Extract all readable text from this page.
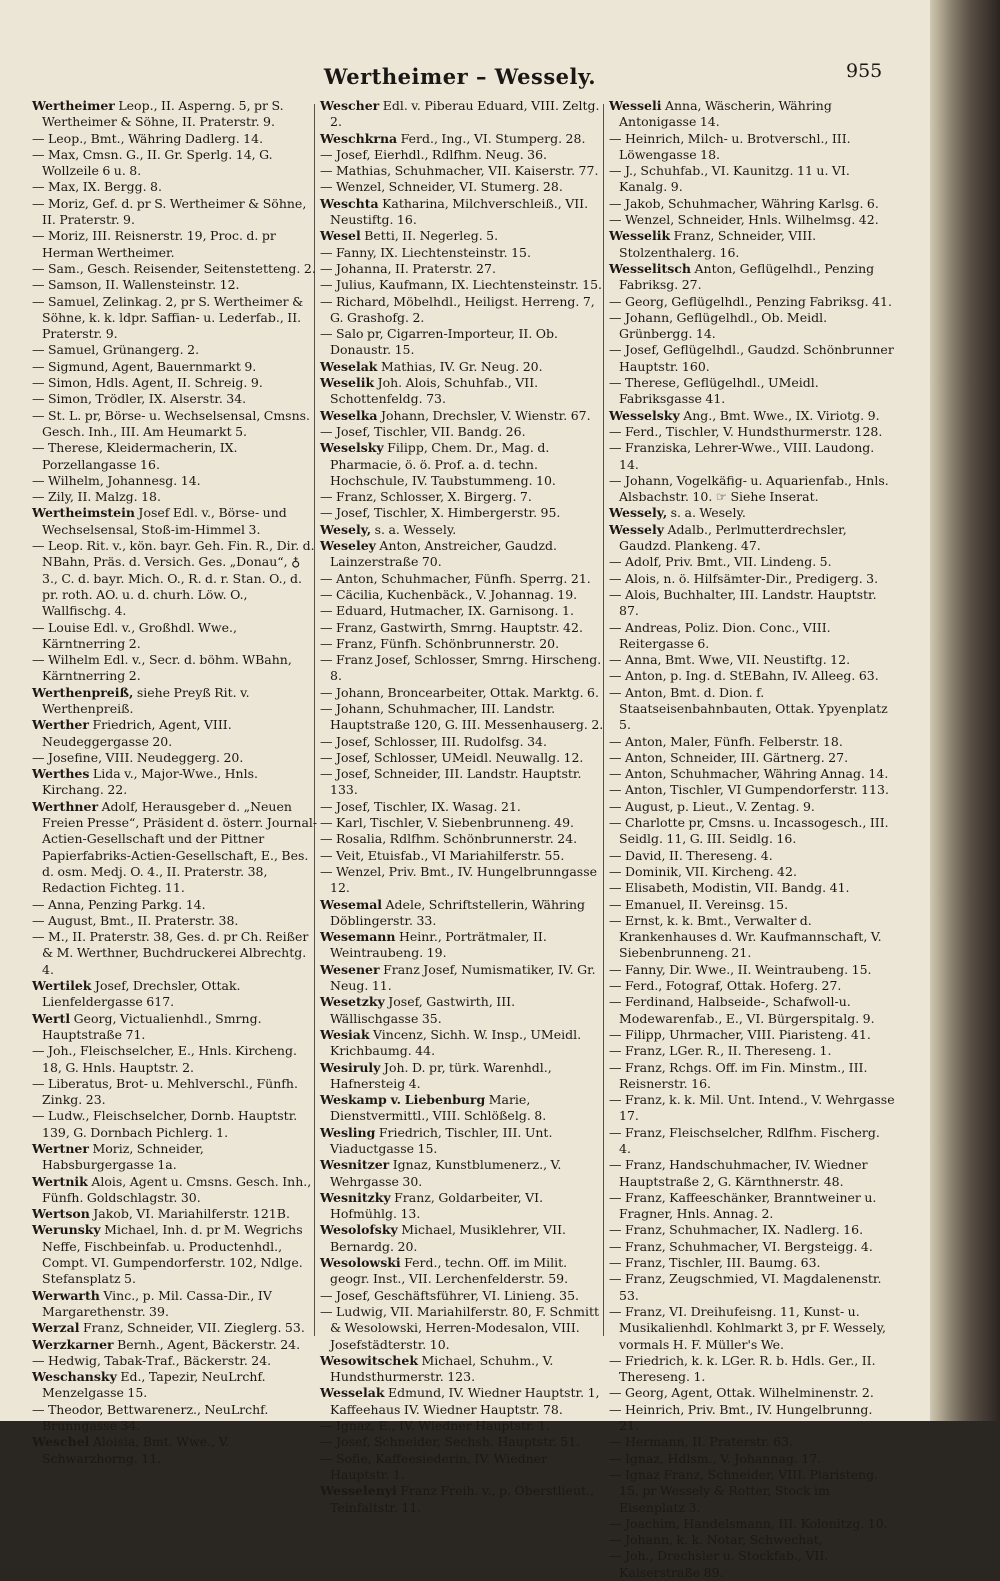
Wertheimer – Wessely.	955

Wertheimer Leop., II. Asperng. 5, pr S. Wertheimer & Söhne, II. Praterstr. 9.

— Leop., Bmt., Währing Dadlerg. 14.

— Max, Cmsn. G., II. Gr. Sperlg. 14, G. Wollzeile 6 u. 8.

— Max, IX. Bergg. 8.

— Moriz, Gef. d. pr S. Wertheimer & Söhne, II. Praterstr. 9.

— Moriz, III. Reisnerstr. 19, Proc. d. pr Herman Wertheimer.

— Sam., Gesch. Reisender, Seitenstetteng. 2.

— Samson, II. Wallensteinstr. 12.

— Samuel, Zelinkag. 2, pr S. Wertheimer & Söhne, k. k. ldpr. Saffian- u. Lederfab., II. Praterstr. 9.

— Samuel, Grünangerg. 2.

— Sigmund, Agent, Bauernmarkt 9.

— Simon, Hdls. Agent, II. Schreig. 9.

— Simon, Trödler, IX. Alserstr. 34.

— St. L. pr, Börse- u. Wechselsensal, Cmsns. Gesch. Inh., III. Am Heumarkt 5.

— Therese, Kleidermacherin, IX. Porzellangasse 16.

— Wilhelm, Johannesg. 14.

— Zily, II. Malzg. 18.

Wertheimstein Josef Edl. v., Börse- und Wechselsensal, Stoß-im-Himmel 3.

— Leop. Rit. v., kön. bayr. Geh. Fin. R., Dir. d. NBahn, Präs. d. Versich. Ges. „Donau“, ♁ 3., C. d. bayr. Mich. O., R. d. r. Stan. O., d. pr. roth. AO. u. d. churh. Löw. O., Wallfischg. 4.

— Louise Edl. v., Großhdl. Wwe., Kärntnerring 2.

— Wilhelm Edl. v., Secr. d. böhm. WBahn, Kärntnerring 2.

Werthenpreiß, siehe Preyß Rit. v. Werthenpreiß.

Werther Friedrich, Agent, VIII. Neudeggergasse 20.

— Josefine, VIII. Neudeggerg. 20.

Werthes Lida v., Major-Wwe., Hnls. Kirchang. 22.

Werthner Adolf, Herausgeber d. „Neuen Freien Presse“, Präsident d. österr. Journal-Actien-Gesellschaft und der Pittner Papierfabriks-Actien-Gesellschaft, E., Bes. d. osm. Medj. O. 4., II. Praterstr. 38, Redaction Fichteg. 11.

— Anna, Penzing Parkg. 14.

— August, Bmt., II. Praterstr. 38.

— M., II. Praterstr. 38, Ges. d. pr Ch. Reißer & M. Werthner, Buchdruckerei Albrechtg. 4.

Wertilek Josef, Drechsler, Ottak. Lienfeldergasse 617.

Wertl Georg, Victualienhdl., Smrng. Hauptstraße 71.

— Joh., Fleischselcher, E., Hnls. Kircheng. 18, G. Hnls. Hauptstr. 2.

— Liberatus, Brot- u. Mehlverschl., Fünfh. Zinkg. 23.

— Ludw., Fleischselcher, Dornb. Hauptstr. 139, G. Dornbach Pichlerg. 1.

Wertner Moriz, Schneider, Habsburgergasse 1a.

Wertnik Alois, Agent u. Cmsns. Gesch. Inh., Fünfh. Goldschlagstr. 30.

Wertson Jakob, VI. Mariahilferstr. 121B.

Werunsky Michael, Inh. d. pr M. Wegrichs Neffe, Fischbeinfab. u. Productenhdl., Compt. VI. Gumpendorferstr. 102, Ndlge. Stefansplatz 5.

Werwarth Vinc., p. Mil. Cassa-Dir., IV Margarethenstr. 39.

Werzal Franz, Schneider, VII. Zieglerg. 53.

Werzkarner Bernh., Agent, Bäckerstr. 24.

— Hedwig, Tabak-Traf., Bäckerstr. 24.

Weschansky Ed., Tapezir, NeuLrchf. Menzelgasse 15.

— Theodor, Bettwarenerz., NeuLrchf. Brunngasse 34.

Weschel Aloisia, Bmt. Wwe., V. Schwarzhorng. 11.

Wescher Edl. v. Piberau Eduard, VIII. Zeltg. 2.

Weschkrna Ferd., Ing., VI. Stumperg. 28.

— Josef, Eierhdl., Rdlfhm. Neug. 36.

— Mathias, Schuhmacher, VII. Kaiserstr. 77.

— Wenzel, Schneider, VI. Stumerg. 28.

Weschta Katharina, Milchverschleiß., VII. Neustiftg. 16.

Wesel Betti, II. Negerleg. 5.

— Fanny, IX. Liechtensteinstr. 15.

— Johanna, II. Praterstr. 27.

— Julius, Kaufmann, IX. Liechtensteinstr. 15.

— Richard, Möbelhdl., Heiligst. Herreng. 7, G. Grashofg. 2.

— Salo pr, Cigarren-Importeur, II. Ob. Donaustr. 15.

Weselak Mathias, IV. Gr. Neug. 20.

Weselik Joh. Alois, Schuhfab., VII. Schottenfeldg. 73.

Weselka Johann, Drechsler, V. Wienstr. 67.

— Josef, Tischler, VII. Bandg. 26.

Weselsky Filipp, Chem. Dr., Mag. d. Pharmacie, ö. ö. Prof. a. d. techn. Hochschule, IV. Taubstummeng. 10.

— Franz, Schlosser, X. Birgerg. 7.

— Josef, Tischler, X. Himbergerstr. 95.

Wesely, s. a. Wessely.

Weseley Anton, Anstreicher, Gaudzd. Lainzerstraße 70.

— Anton, Schuhmacher, Fünfh. Sperrg. 21.

— Cäcilia, Kuchenbäck., V. Johannag. 19.

— Eduard, Hutmacher, IX. Garnisong. 1.

— Franz, Gastwirth, Smrng. Hauptstr. 42.

— Franz, Fünfh. Schönbrunnerstr. 20.

— Franz Josef, Schlosser, Smrng. Hirscheng. 8.

— Johann, Broncearbeiter, Ottak. Marktg. 6.

— Johann, Schuhmacher, III. Landstr. Hauptstraße 120, G. III. Messenhauserg. 2.

— Josef, Schlosser, III. Rudolfsg. 34.

— Josef, Schlosser, UMeidl. Neuwallg. 12.

— Josef, Schneider, III. Landstr. Hauptstr. 133.

— Josef, Tischler, IX. Wasag. 21.

— Karl, Tischler, V. Siebenbrunneng. 49.

— Rosalia, Rdlfhm. Schönbrunnerstr. 24.

— Veit, Etuisfab., VI Mariahilferstr. 55.

— Wenzel, Priv. Bmt., IV. Hungelbrunngasse 12.

Wesemal Adele, Schriftstellerin, Währing Döblingerstr. 33.

Wesemann Heinr., Porträtmaler, II. Weintraubeng. 19.

Wesener Franz Josef, Numismatiker, IV. Gr. Neug. 11.

Wesetzky Josef, Gastwirth, III. Wällischgasse 35.

Wesiak Vincenz, Sichh. W. Insp., UMeidl. Krichbaumg. 44.

Wesiruly Joh. D. pr, türk. Warenhdl., Hafnersteig 4.

Weskamp v. Liebenburg Marie, Dienstvermittl., VIII. Schlößelg. 8.

Wesling Friedrich, Tischler, III. Unt. Viaductgasse 15.

Wesnitzer Ignaz, Kunstblumenerz., V. Wehrgasse 30.

Wesnitzky Franz, Goldarbeiter, VI. Hofmühlg. 13.

Wesolofsky Michael, Musiklehrer, VII. Bernardg. 20.

Wesolowski Ferd., techn. Off. im Milit. geogr. Inst., VII. Lerchenfelderstr. 59.

— Josef, Geschäftsführer, VI. Linieng. 35.

— Ludwig, VII. Mariahilferstr. 80, F. Schmitt & Wesolowski, Herren-Modesalon, VIII. Josefstädterstr. 10.

Wesowitschek Michael, Schuhm., V. Hundsthurmerstr. 123.

Wesselak Edmund, IV. Wiedner Hauptstr. 1, Kaffeehaus IV. Wiedner Hauptstr. 78.

— Ignaz, E., IV. Wiedner Hauptstr. 1.

— Josef, Schneider, Sechsh. Hauptstr. 51.

— Sofie, Kaffeesiederin, IV. Wiedner Hauptstr. 1.

Wesselenyi Franz Freih. v., p. Oberstlieut., Teinfaltstr. 11.

Wesseli Anna, Wäscherin, Währing Antonigasse 14.

— Heinrich, Milch- u. Brotverschl., III. Löwengasse 18.

— J., Schuhfab., VI. Kaunitzg. 11 u. VI. Kanalg. 9.

— Jakob, Schuhmacher, Währing Karlsg. 6.

— Wenzel, Schneider, Hnls. Wilhelmsg. 42.

Wesselik Franz, Schneider, VIII. Stolzenthalerg. 16.

Wesselitsch Anton, Geflügelhdl., Penzing Fabriksg. 27.

— Georg, Geflügelhdl., Penzing Fabriksg. 41.

— Johann, Geflügelhdl., Ob. Meidl. Grünbergg. 14.

— Josef, Geflügelhdl., Gaudzd. Schönbrunner Hauptstr. 160.

— Therese, Geflügelhdl., UMeidl. Fabriksgasse 41.

Wesselsky Ang., Bmt. Wwe., IX. Viriotg. 9.

— Ferd., Tischler, V. Hundsthurmerstr. 128.

— Franziska, Lehrer-Wwe., VIII. Laudong. 14.

— Johann, Vogelkäfig- u. Aquarienfab., Hnls. Alsbachstr. 10. ☞ Siehe Inserat.

Wessely, s. a. Wesely.

Wessely Adalb., Perlmutterdrechsler, Gaudzd. Plankeng. 47.

— Adolf, Priv. Bmt., VII. Lindeng. 5.

— Alois, n. ö. Hilfsämter-Dir., Predigerg. 3.

— Alois, Buchhalter, III. Landstr. Hauptstr. 87.

— Andreas, Poliz. Dion. Conc., VIII. Reitergasse 6.

— Anna, Bmt. Wwe, VII. Neustiftg. 12.

— Anton, p. Ing. d. StEBahn, IV. Alleeg. 63.

— Anton, Bmt. d. Dion. f. Staatseisenbahnbauten, Ottak. Ypyenplatz 5.

— Anton, Maler, Fünfh. Felberstr. 18.

— Anton, Schneider, III. Gärtnerg. 27.

— Anton, Schuhmacher, Währing Annag. 14.

— Anton, Tischler, VI Gumpendorferstr. 113.

— August, p. Lieut., V. Zentag. 9.

— Charlotte pr, Cmsns. u. Incassogesch., III. Seidlg. 11, G. III. Seidlg. 16.

— David, II. Thereseng. 4.

— Dominik, VII. Kircheng. 42.

— Elisabeth, Modistin, VII. Bandg. 41.

— Emanuel, II. Vereinsg. 15.

— Ernst, k. k. Bmt., Verwalter d. Krankenhauses d. Wr. Kaufmannschaft, V. Siebenbrunneng. 21.

— Fanny, Dir. Wwe., II. Weintraubeng. 15.

— Ferd., Fotograf, Ottak. Hoferg. 27.

— Ferdinand, Halbseide-, Schafwoll-u. Modewarenfab., E., VI. Bürgerspitalg. 9.

— Filipp, Uhrmacher, VIII. Piaristeng. 41.

— Franz, LGer. R., II. Thereseng. 1.

— Franz, Rchgs. Off. im Fin. Minstm., III. Reisnerstr. 16.

— Franz, k. k. Mil. Unt. Intend., V. Wehrgasse 17.

— Franz, Fleischselcher, Rdlfhm. Fischerg. 4.

— Franz, Handschuhmacher, IV. Wiedner Hauptstraße 2, G. Kärnthnerstr. 48.

— Franz, Kaffeeschänker, Branntweiner u. Fragner, Hnls. Annag. 2.

— Franz, Schuhmacher, IX. Nadlerg. 16.

— Franz, Schuhmacher, VI. Bergsteigg. 4.

— Franz, Tischler, III. Baumg. 63.

— Franz, Zeugschmied, VI. Magdalenenstr. 53.

— Franz, VI. Dreihufeisng. 11, Kunst- u. Musikalienhdl. Kohlmarkt 3, pr F. Wessely, vormals H. F. Müller's We.

— Friedrich, k. k. LGer. R. b. Hdls. Ger., II. Thereseng. 1.

— Georg, Agent, Ottak. Wilhelminenstr. 2.

— Heinrich, Priv. Bmt., IV. Hungelbrunng. 21.

— Hermann, II. Praterstr. 63.

— Ignaz, Hdlsm., V. Johannag. 17.

— Ignaz Franz, Schneider, VIII. Piaristeng. 15, pr Wessely & Rotter, Stock im Eisenplatz 3.

— Joachim, Handelsmann, III. Kolonitzg. 10.

— Johann, k. k. Notar, Schwechat,

— Joh., Drechsler u. Stockfab., VII. Kaiserstraße 89.
